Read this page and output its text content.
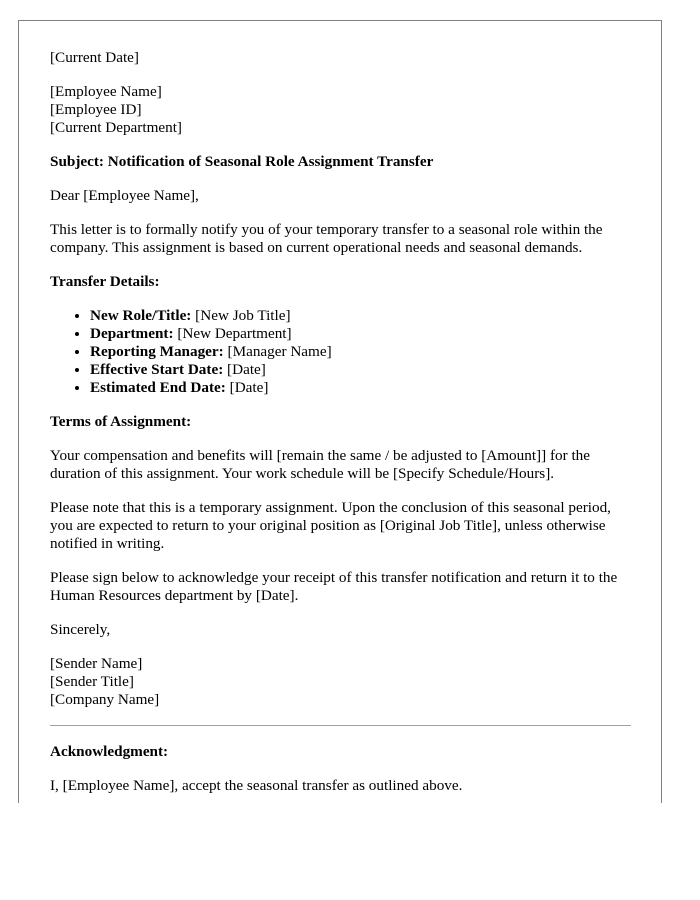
[Current Date]

[Employee Name]
[Employee ID]
[Current Department]

Subject: Notification of Seasonal Role Assignment Transfer

Dear [Employee Name],

This letter is to formally notify you of your temporary transfer to a seasonal role within the company. This assignment is based on current operational needs and seasonal demands.

Transfer Details:

• New Role/Title: [New Job Title]
• Department: [New Department]
• Reporting Manager: [Manager Name]
• Effective Start Date: [Date]
• Estimated End Date: [Date]

Terms of Assignment:

Your compensation and benefits will [remain the same / be adjusted to [Amount]] for the duration of this assignment. Your work schedule will be [Specify Schedule/Hours].

Please note that this is a temporary assignment. Upon the conclusion of this seasonal period, you are expected to return to your original position as [Original Job Title], unless otherwise notified in writing.

Please sign below to acknowledge your receipt of this transfer notification and return it to the Human Resources department by [Date].

Sincerely,

[Sender Name]
[Sender Title]
[Company Name]

Acknowledgment:

I, [Employee Name], accept the seasonal transfer as outlined above.
